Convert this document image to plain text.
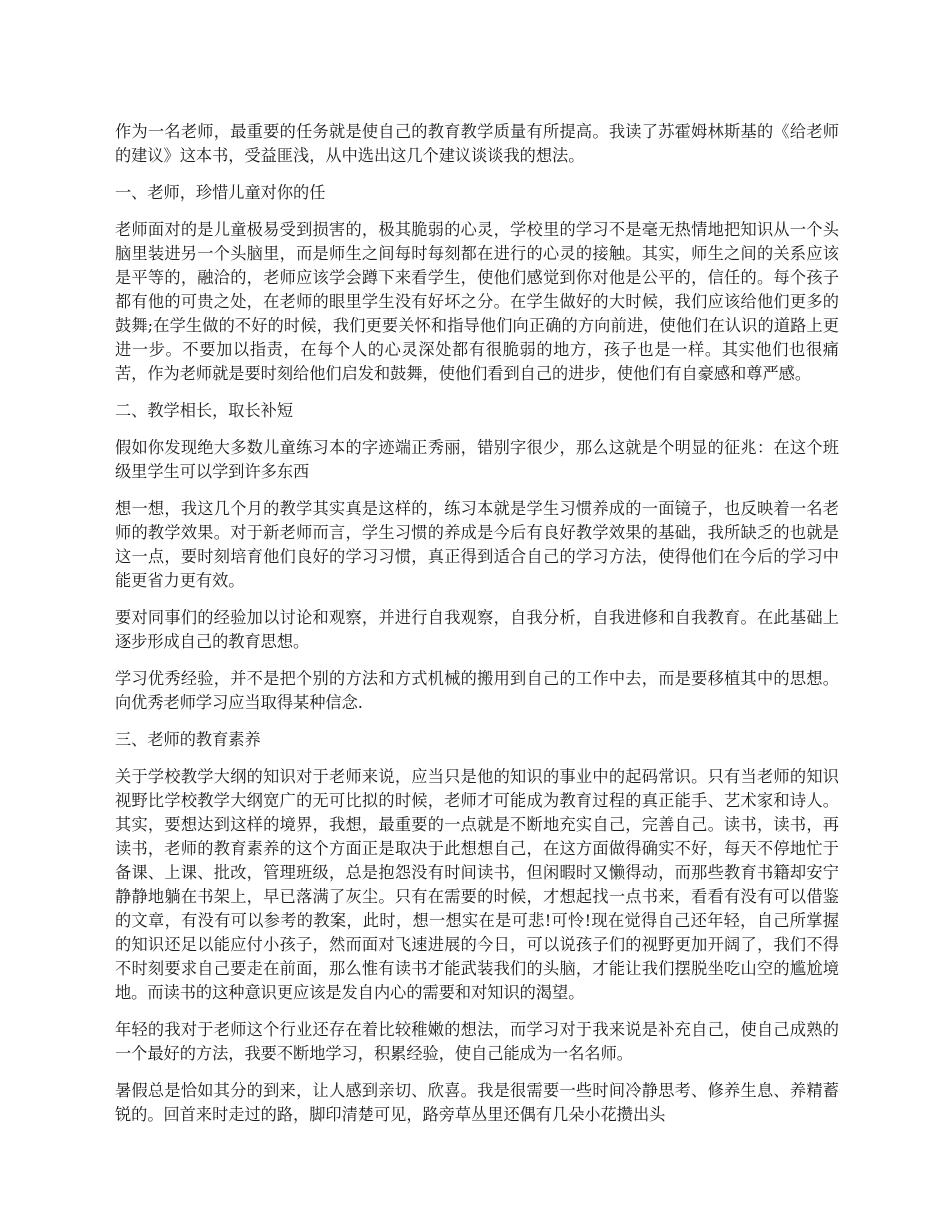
作为一名老师，最重要的任务就是使自己的教育教学质量有所提高。我读了苏霍姆林斯基的《给老师的建议》这本书，受益匪浅，从中选出这几个建议谈谈我的想法。

一、老师，珍惜儿童对你的任

老师面对的是儿童极易受到损害的，极其脆弱的心灵，学校里的学习不是毫无热情地把知识从一个头脑里装进另一个头脑里，而是师生之间每时每刻都在进行的心灵的接触。其实，师生之间的关系应该是平等的，融洽的，老师应该学会蹲下来看学生，使他们感觉到你对他是公平的，信任的。每个孩子都有他的可贵之处，在老师的眼里学生没有好坏之分。在学生做好的大时候，我们应该给他们更多的鼓舞;在学生做的不好的时候，我们更要关怀和指导他们向正确的方向前进，使他们在认识的道路上更进一步。不要加以指责，在每个人的心灵深处都有很脆弱的地方，孩子也是一样。其实他们也很痛苦，作为老师就是要时刻给他们启发和鼓舞，使他们看到自己的进步，使他们有自豪感和尊严感。

二、教学相长，取长补短

假如你发现绝大多数儿童练习本的字迹端正秀丽，错别字很少，那么这就是个明显的征兆：在这个班级里学生可以学到许多东西

想一想，我这几个月的教学其实真是这样的，练习本就是学生习惯养成的一面镜子，也反映着一名老师的教学效果。对于新老师而言，学生习惯的养成是今后有良好教学效果的基础，我所缺乏的也就是这一点，要时刻培育他们良好的学习习惯，真正得到适合自己的学习方法，使得他们在今后的学习中能更省力更有效。

要对同事们的经验加以讨论和观察，并进行自我观察，自我分析，自我进修和自我教育。在此基础上逐步形成自己的教育思想。

学习优秀经验，并不是把个别的方法和方式机械的搬用到自己的工作中去，而是要移植其中的思想。向优秀老师学习应当取得某种信念.

三、老师的教育素养

关于学校教学大纲的知识对于老师来说，应当只是他的知识的事业中的起码常识。只有当老师的知识视野比学校教学大纲宽广的无可比拟的时候，老师才可能成为教育过程的真正能手、艺术家和诗人。其实，要想达到这样的境界，我想，最重要的一点就是不断地充实自己，完善自己。读书，读书，再读书，老师的教育素养的这个方面正是取决于此想想自己，在这方面做得确实不好，每天不停地忙于备课、上课、批改，管理班级，总是抱怨没有时间读书，但闲暇时又懒得动，而那些教育书籍却安宁静静地躺在书架上，早已落满了灰尘。只有在需要的时候，才想起找一点书来，看看有没有可以借鉴的文章，有没有可以参考的教案，此时，想一想实在是可悲!可怜!现在觉得自己还年轻，自己所掌握的知识还足以能应付小孩子，然而面对飞速进展的今日，可以说孩子们的视野更加开阔了，我们不得不时刻要求自己要走在前面，那么惟有读书才能武装我们的头脑，才能让我们摆脱坐吃山空的尴尬境地。而读书的这种意识更应该是发自内心的需要和对知识的渴望。

年轻的我对于老师这个行业还存在着比较稚嫩的想法，而学习对于我来说是补充自己，使自己成熟的一个最好的方法，我要不断地学习，积累经验，使自己能成为一名名师。

暑假总是恰如其分的到来，让人感到亲切、欣喜。我是很需要一些时间冷静思考、修养生息、养精蓄锐的。回首来时走过的路，脚印清楚可见，路旁草丛里还偶有几朵小花攒出头
